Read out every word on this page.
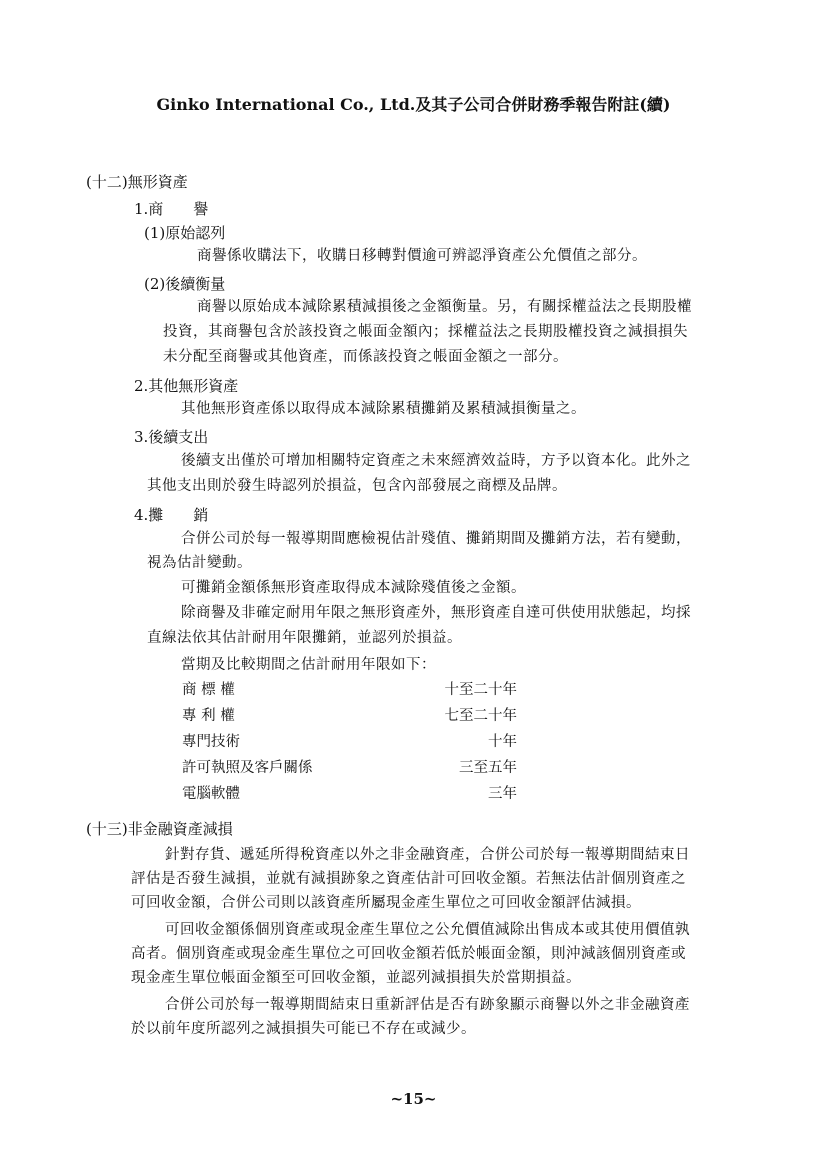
Ginko International Co., Ltd.及其子公司合併財務季報告附註(續)
(十二)無形資產
1.商　　譽
(1)原始認列
商譽係收購法下，收購日移轉對價逾可辨認淨資產公允價值之部分。
(2)後續衡量
商譽以原始成本減除累積減損後之金額衡量。另，有關採權益法之長期股權
投資，其商譽包含於該投資之帳面金額內；採權益法之長期股權投資之減損損失
未分配至商譽或其他資產，而係該投資之帳面金額之一部分。
2.其他無形資產
其他無形資產係以取得成本減除累積攤銷及累積減損衡量之。
3.後續支出
後續支出僅於可增加相關特定資產之未來經濟效益時，方予以資本化。此外之
其他支出則於發生時認列於損益，包含內部發展之商標及品牌。
4.攤　　銷
合併公司於每一報導期間應檢視估計殘值、攤銷期間及攤銷方法，若有變動，
視為估計變動。
可攤銷金額係無形資產取得成本減除殘值後之金額。
除商譽及非確定耐用年限之無形資產外，無形資產自達可供使用狀態起，均採
直線法依其估計耐用年限攤銷，並認列於損益。
當期及比較期間之估計耐用年限如下：
商 標 權	十至二十年
專 利 權	七至二十年
專門技術	十年
許可執照及客戶關係	三至五年
電腦軟體	三年
(十三)非金融資產減損
針對存貨、遞延所得稅資產以外之非金融資產，合併公司於每一報導期間結束日
評估是否發生減損，並就有減損跡象之資產估計可回收金額。若無法估計個別資產之
可回收金額，合併公司則以該資產所屬現金產生單位之可回收金額評估減損。
可回收金額係個別資產或現金產生單位之公允價值減除出售成本或其使用價值孰
高者。個別資產或現金產生單位之可回收金額若低於帳面金額，則沖減該個別資產或
現金產生單位帳面金額至可回收金額，並認列減損損失於當期損益。
合併公司於每一報導期間結束日重新評估是否有跡象顯示商譽以外之非金融資產
於以前年度所認列之減損損失可能已不存在或減少。
~15~
